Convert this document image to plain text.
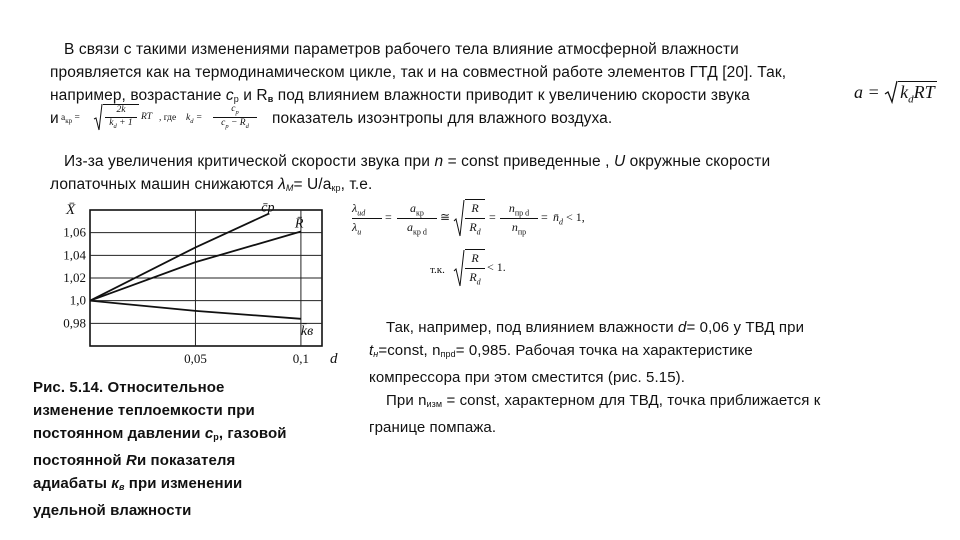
В связи с такими изменениями параметров рабочего тела влияние атмосферной влажности
проявляется как на термодинамическом цикле, так и на совместной работе элементов ГТД [20]. Так,
например, возрастание $c_p$ и $R_в$ под влиянием влажности приводит к увеличению скорости звука	$a = k_dRT$
и $a_{кр}$ =
2k
$k_d + 1$
RT , где $k_d$ =
$c_p$
$c_p - R_d$	показатель изоэнтропы для влажного воздуха.
Из-за увеличения критической скорости звука при n = const приведенные , U окружные скорости
лопаточных машин снижаются $\lambda_М= U/a_{кр}$, т.е.
0,98
1,0
1,02
1,04
1,06
0,05	0,1
X̄
d
c̄p
R̄
k̄в
$\lambda_{ud}$
$\lambda_u$
=
$a_{кр}$
$a_{кр d}$
≅
R
$R_d$
=
$n_{пр d}$
$n_{пр}$
= $n̄_d < 1$,
т.к.
R
$R_d$
< 1.
Рис. 5.14. Относительное
изменение теплоемкости при
постоянном давлении $с_р$, газовой
постоянной Rи показателя
адиабаты $к_в$ при изменении
удельной влажности
Так, например, под влиянием влажности d= 0,06 у ТВД при
$t_н=const$, $n_{прd}= 0,985$. Рабочая точка на характеристике
компрессора при этом сместится (рис. 5.15).
При $n_{изм}$ = const, характерном для ТВД, точка приближается к
границе помпажа.
